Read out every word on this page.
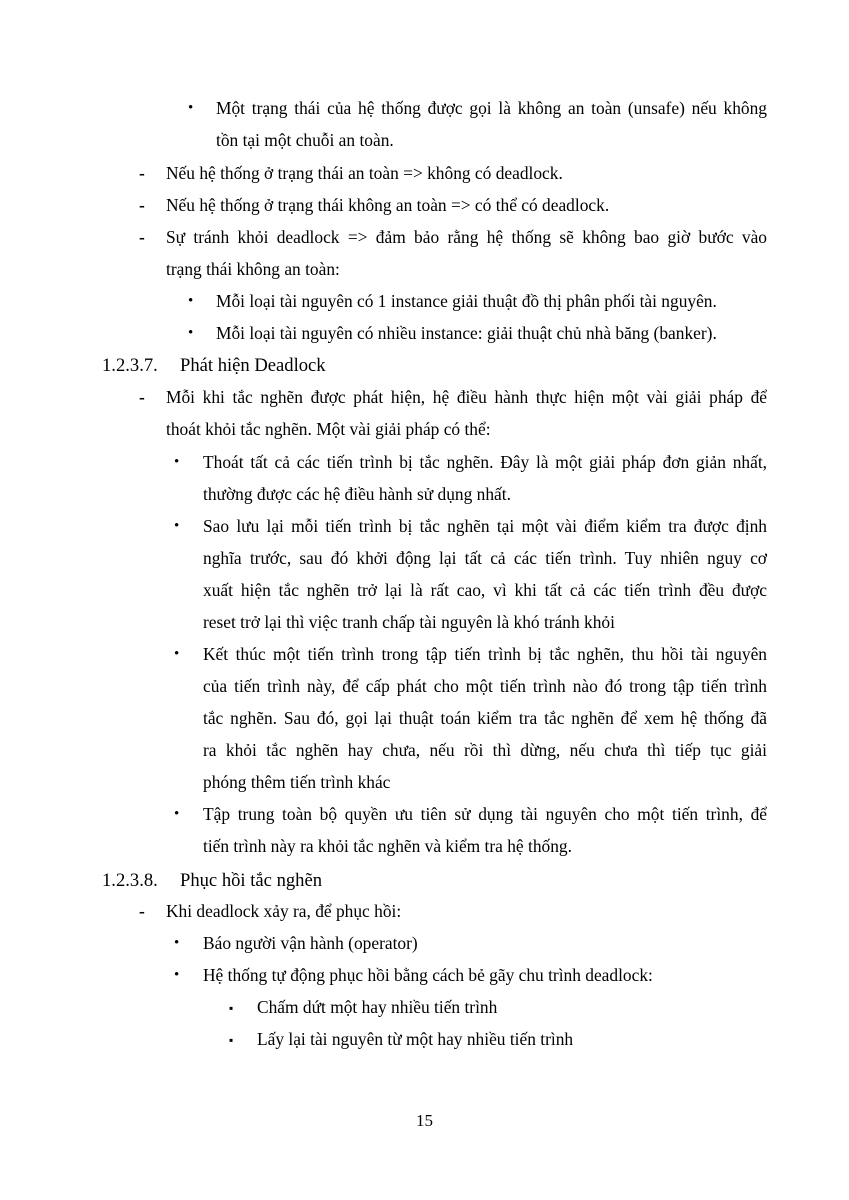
• Một trạng thái của hệ thống được gọi là không an toàn (unsafe) nếu không
tồn tại một chuỗi an toàn.
- Nếu hệ thống ở trạng thái an toàn => không có deadlock.
- Nếu hệ thống ở trạng thái không an toàn => có thể có deadlock.
- Sự tránh khỏi deadlock => đảm bảo rằng hệ thống sẽ không bao giờ bước vào
trạng thái không an toàn:
• Mỗi loại tài nguyên có 1 instance giải thuật đồ thị phân phối tài nguyên.
• Mỗi loại tài nguyên có nhiều instance: giải thuật chủ nhà băng (banker).
1.2.3.7. Phát hiện Deadlock
- Mỗi khi tắc nghẽn được phát hiện, hệ điều hành thực hiện một vài giải pháp để
thoát khỏi tắc nghẽn. Một vài giải pháp có thể:
• Thoát tất cả các tiến trình bị tắc nghẽn. Đây là một giải pháp đơn giản nhất,
thường được các hệ điều hành sử dụng nhất.
• Sao lưu lại mỗi tiến trình bị tắc nghẽn tại một vài điểm kiểm tra được định
nghĩa trước, sau đó khởi động lại tất cả các tiến trình. Tuy nhiên nguy cơ
xuất hiện tắc nghẽn trở lại là rất cao, vì khi tất cả các tiến trình đều được
reset trở lại thì việc tranh chấp tài nguyên là khó tránh khỏi
• Kết thúc một tiến trình trong tập tiến trình bị tắc nghẽn, thu hồi tài nguyên
của tiến trình này, để cấp phát cho một tiến trình nào đó trong tập tiến trình
tắc nghẽn. Sau đó, gọi lại thuật toán kiểm tra tắc nghẽn để xem hệ thống đã
ra khỏi tắc nghẽn hay chưa, nếu rồi thì dừng, nếu chưa thì tiếp tục giải
phóng thêm tiến trình khác
• Tập trung toàn bộ quyền ưu tiên sử dụng tài nguyên cho một tiến trình, để
tiến trình này ra khỏi tắc nghẽn và kiểm tra hệ thống.
1.2.3.8. Phục hồi tắc nghẽn
- Khi deadlock xảy ra, để phục hồi:
• Báo người vận hành (operator)
• Hệ thống tự động phục hồi bằng cách bẻ gãy chu trình deadlock:
▪ Chấm dứt một hay nhiều tiến trình
▪ Lấy lại tài nguyên từ một hay nhiều tiến trình
15
